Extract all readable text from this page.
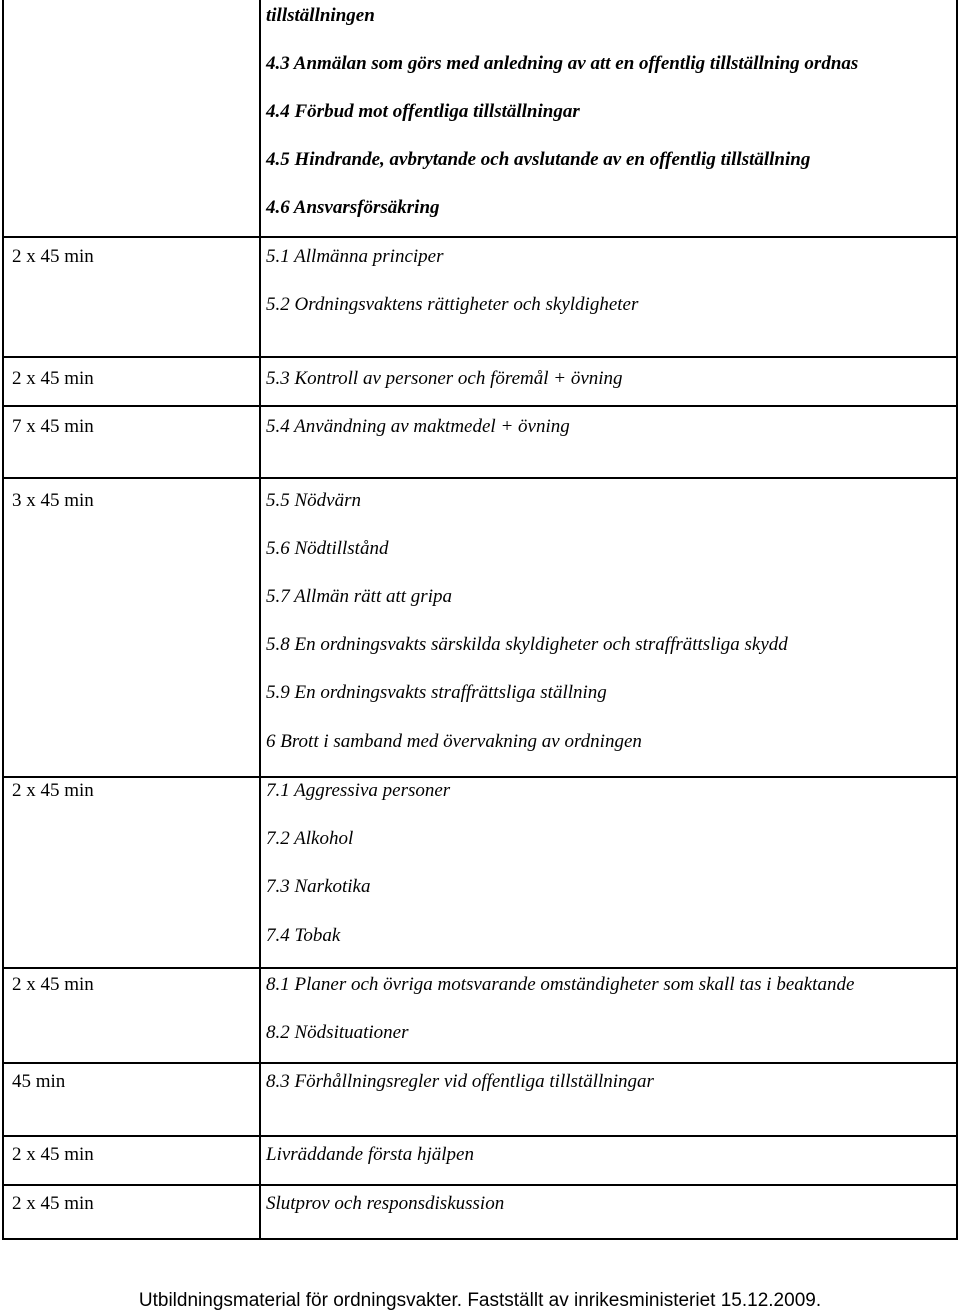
tillställningen
4.3 Anmälan som görs med anledning av att en offentlig tillställning ordnas
4.4 Förbud mot offentliga tillställningar
4.5 Hindrande, avbrytande och avslutande av en offentlig tillställning
4.6 Ansvarsförsäkring
2 x 45 min	5.1 Allmänna principer
5.2 Ordningsvaktens rättigheter och skyldigheter
2 x 45 min	5.3 Kontroll av personer och föremål + övning
7 x 45 min	5.4 Användning av maktmedel + övning
3 x 45 min	5.5 Nödvärn
5.6 Nödtillstånd
5.7 Allmän rätt att gripa
5.8 En ordningsvakts särskilda skyldigheter och straffrättsliga skydd
5.9 En ordningsvakts straffrättsliga ställning
6 Brott i samband med övervakning av ordningen
2 x 45 min	7.1 Aggressiva personer
7.2 Alkohol
7.3 Narkotika
7.4 Tobak
2 x 45 min	8.1 Planer och övriga motsvarande omständigheter som skall tas i beaktande
8.2 Nödsituationer
45 min	8.3 Förhållningsregler vid offentliga tillställningar
2 x 45 min	Livräddande första hjälpen
2 x 45 min	Slutprov och responsdiskussion
Utbildningsmaterial för ordningsvakter. Fastställt av inrikesministeriet 15.12.2009.
